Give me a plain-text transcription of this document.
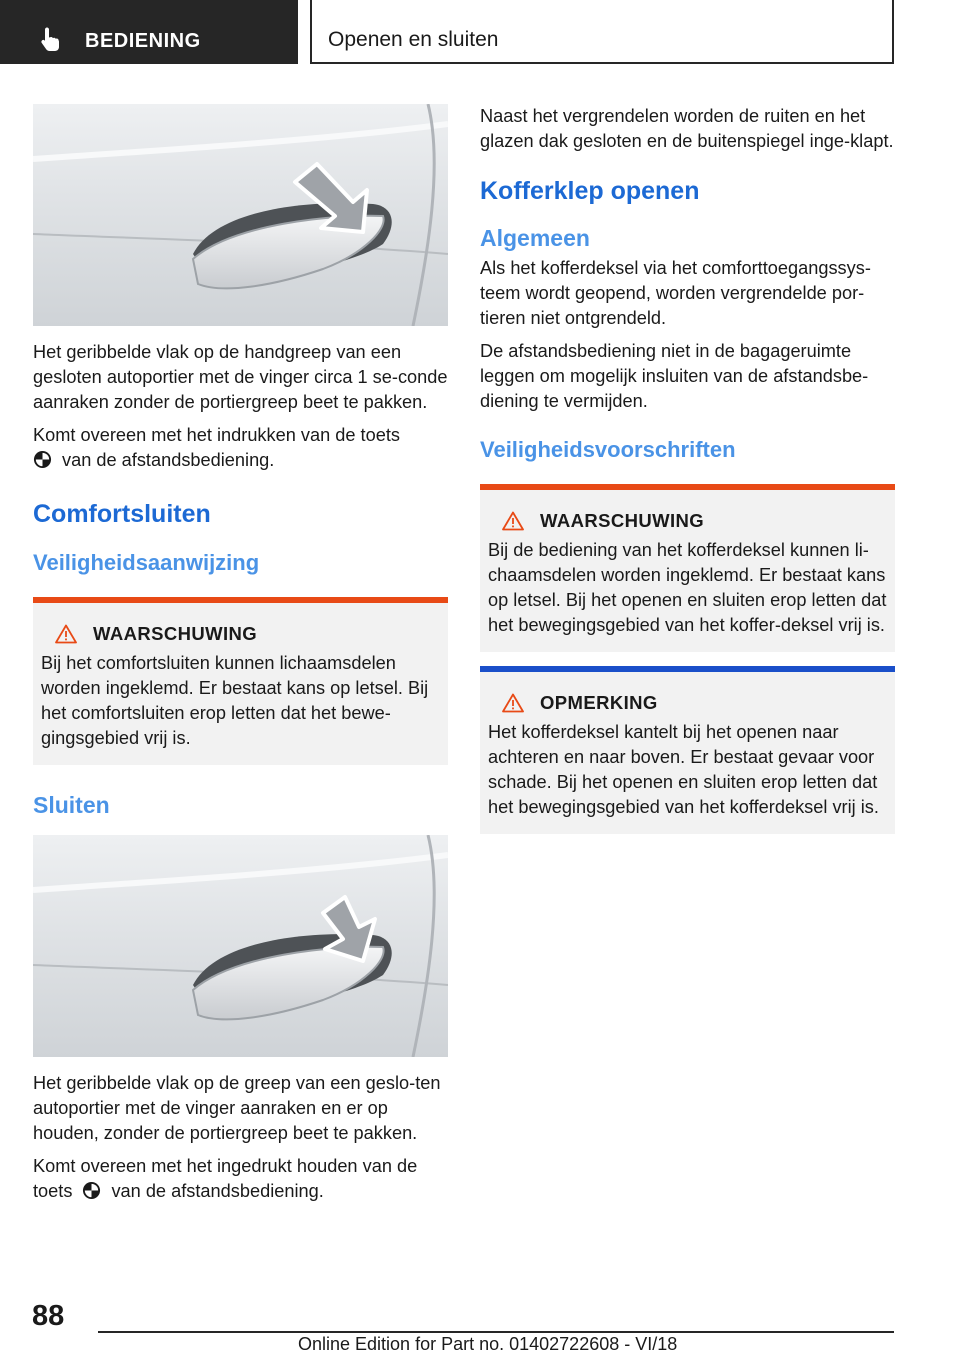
BEDIENING	Openen en sluiten

Het geribbelde vlak op de handgreep van een gesloten autoportier met de vinger circa 1 se-conde aanraken zonder de portiergreep beet te pakken.

Komt overeen met het indrukken van de toets
van de afstandsbediening.

Comfortsluiten
Veiligheidsaanwijzing
WAARSCHUWING

Bij het comfortsluiten kunnen lichaamsdelen worden ingeklemd. Er bestaat kans op letsel. Bij het comfortsluiten erop letten dat het bewe-gingsgebied vrij is.

Sluiten

Het geribbelde vlak op de greep van een geslo-ten autoportier met de vinger aanraken en er op houden, zonder de portiergreep beet te pakken.

Komt overeen met het ingedrukt houden van de toets van de afstandsbediening.

Naast het vergrendelen worden de ruiten en het glazen dak gesloten en de buitenspiegel inge-klapt.

Kofferklep openen
Algemeen

Als het kofferdeksel via het comforttoegangssys-teem wordt geopend, worden vergrendelde por-tieren niet ontgrendeld.

De afstandsbediening niet in de bagageruimte leggen om mogelijk insluiten van de afstandsbe-diening te vermijden.

Veiligheidsvoorschriften
WAARSCHUWING

Bij de bediening van het kofferdeksel kunnen li-chaamsdelen worden ingeklemd. Er bestaat kans op letsel. Bij het openen en sluiten erop letten dat het bewegingsgebied van het koffer-deksel vrij is.

OPMERKING

Het kofferdeksel kantelt bij het openen naar achteren en naar boven. Er bestaat gevaar voor schade. Bij het openen en sluiten erop letten dat het bewegingsgebied van het kofferdeksel vrij is.

88
Online Edition for Part no. 01402722608 - VI/18
